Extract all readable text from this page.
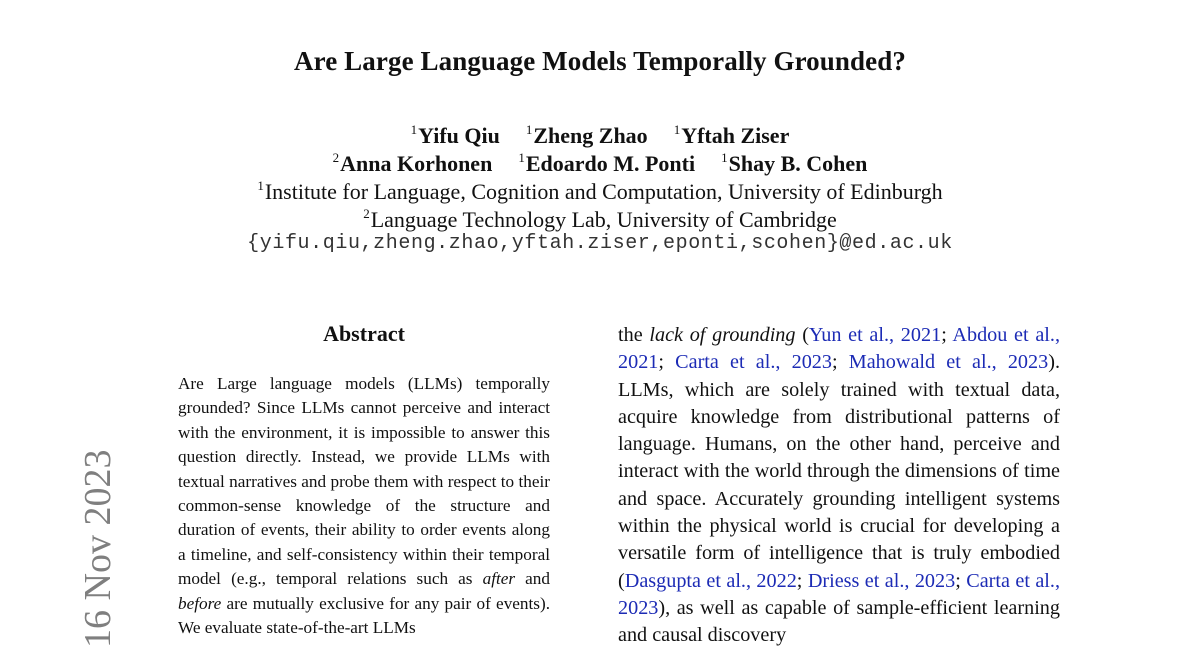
Are Large Language Models Temporally Grounded?
$^1$Yifu Qiu $^1$Zheng Zhao $^1$Yftah Ziser
$^2$Anna Korhonen $^1$Edoardo M. Ponti $^1$Shay B. Cohen
$^1$Institute for Language, Cognition and Computation, University of Edinburgh
$^2$Language Technology Lab, University of Cambridge
{yifu.qiu,zheng.zhao,yftah.ziser,eponti,scohen}@ed.ac.uk
16 Nov 2023
Abstract
Are Large language models (LLMs) temporally grounded? Since LLMs cannot perceive and interact with the environment, it is impossible to answer this question directly. Instead, we provide LLMs with textual narratives and probe them with respect to their common-sense knowledge of the structure and duration of events, their ability to order events along a timeline, and self-consistency within their temporal model (e.g., temporal relations such as after and before are mutually exclusive for any pair of events). We evaluate state-of-the-art LLMs
the lack of grounding (Yun et al., 2021; Abdou et al., 2021; Carta et al., 2023; Mahowald et al., 2023). LLMs, which are solely trained with textual data, acquire knowledge from distributional patterns of language. Humans, on the other hand, perceive and interact with the world through the dimensions of time and space. Accurately grounding intelligent systems within the physical world is crucial for developing a versatile form of intelligence that is truly embodied (Dasgupta et al., 2022; Driess et al., 2023; Carta et al., 2023), as well as capable of sample-efficient learning and causal discovery
